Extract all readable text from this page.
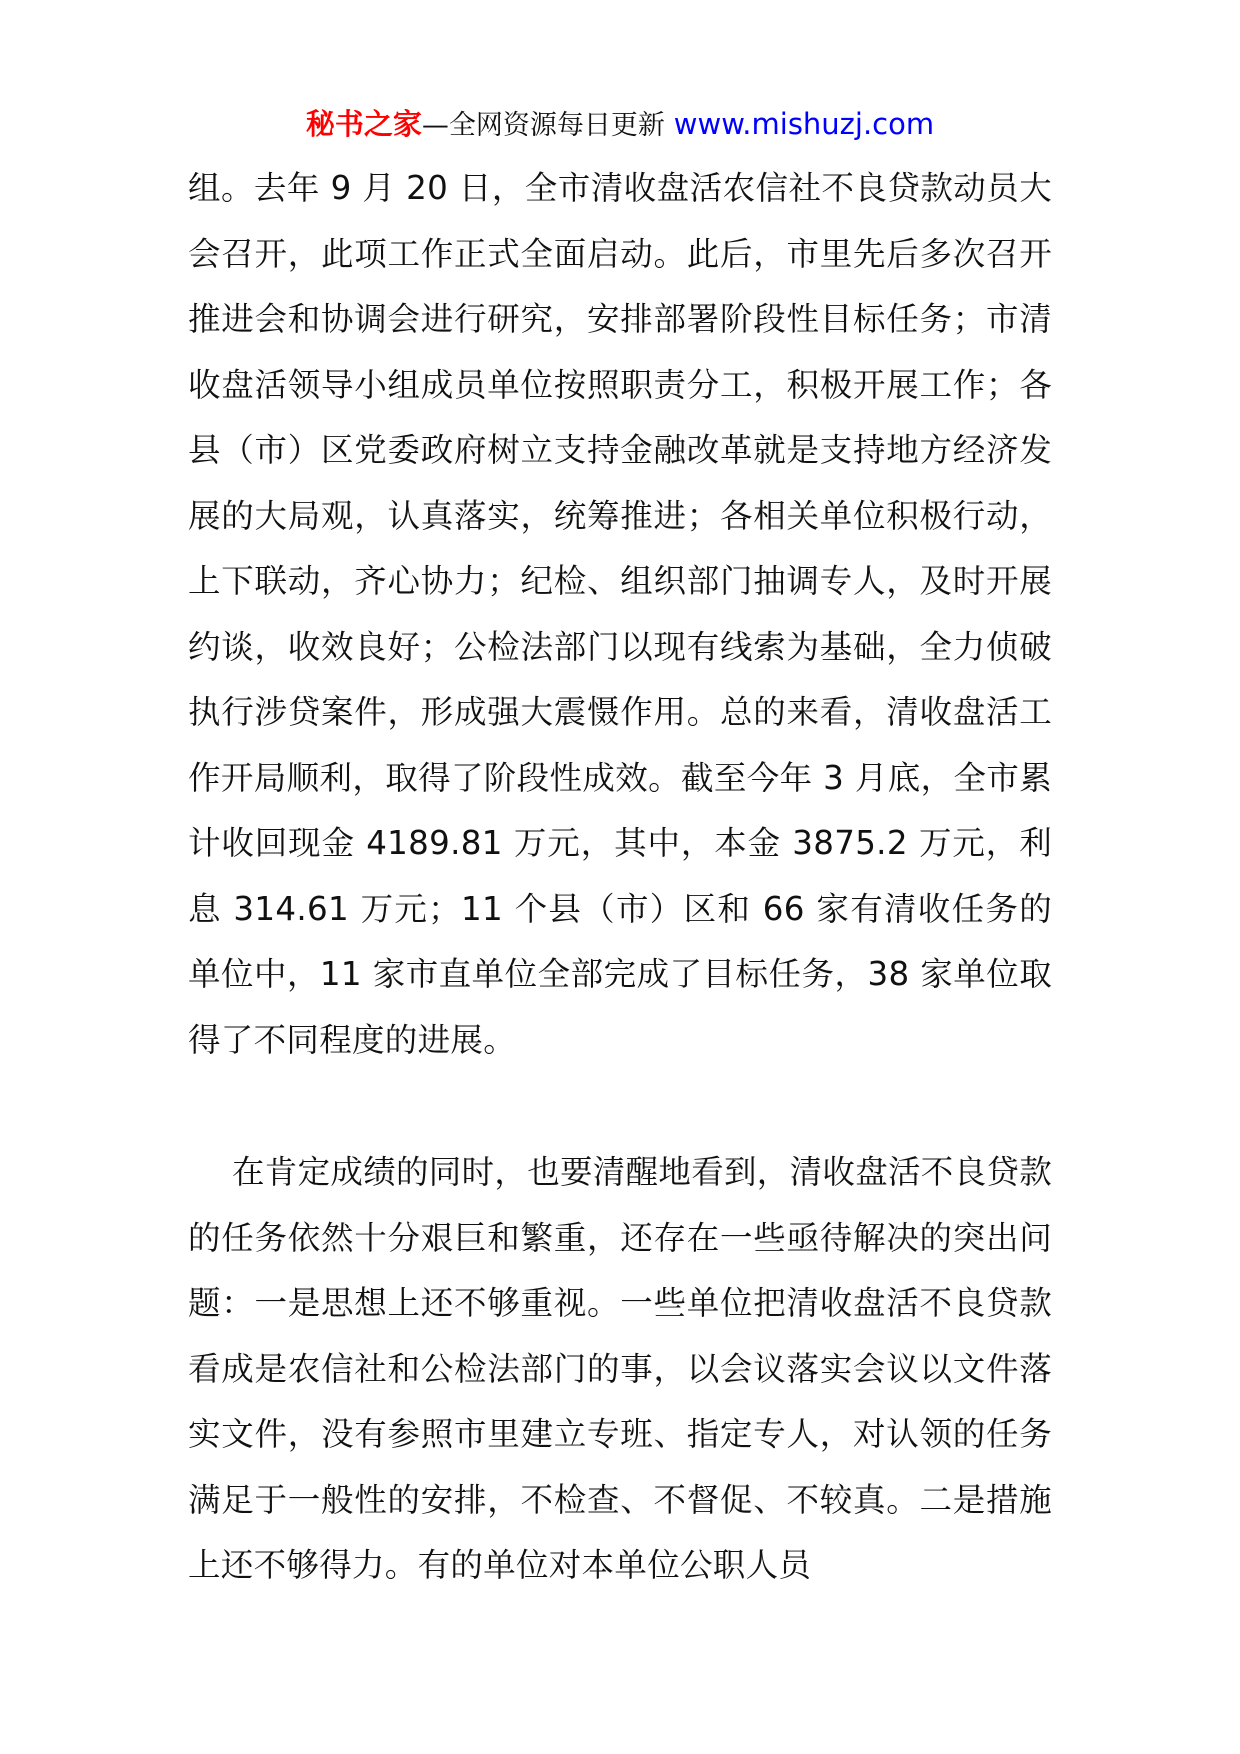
秘书之家—全网资源每日更新 www.mishuzj.com

组。去年 9 月 20 日，全市清收盘活农信社不良贷款动员大会召开，此项工作正式全面启动。此后，市里先后多次召开推进会和协调会进行研究，安排部署阶段性目标任务；市清收盘活领导小组成员单位按照职责分工，积极开展工作；各县（市）区党委政府树立支持金融改革就是支持地方经济发展的大局观，认真落实，统筹推进；各相关单位积极行动，上下联动，齐心协力；纪检、组织部门抽调专人，及时开展约谈，收效良好；公检法部门以现有线索为基础，全力侦破执行涉贷案件，形成强大震慑作用。总的来看，清收盘活工作开局顺利，取得了阶段性成效。截至今年 3 月底，全市累计收回现金 4189.81 万元，其中，本金 3875.2 万元，利息 314.61 万元；11 个县（市）区和 66 家有清收任务的单位中，11 家市直单位全部完成了目标任务，38 家单位取得了不同程度的进展。

在肯定成绩的同时，也要清醒地看到，清收盘活不良贷款的任务依然十分艰巨和繁重，还存在一些亟待解决的突出问题：一是思想上还不够重视。一些单位把清收盘活不良贷款看成是农信社和公检法部门的事，以会议落实会议以文件落实文件，没有参照市里建立专班、指定专人，对认领的任务满足于一般性的安排，不检查、不督促、不较真。二是措施上还不够得力。有的单位对本单位公职人员
